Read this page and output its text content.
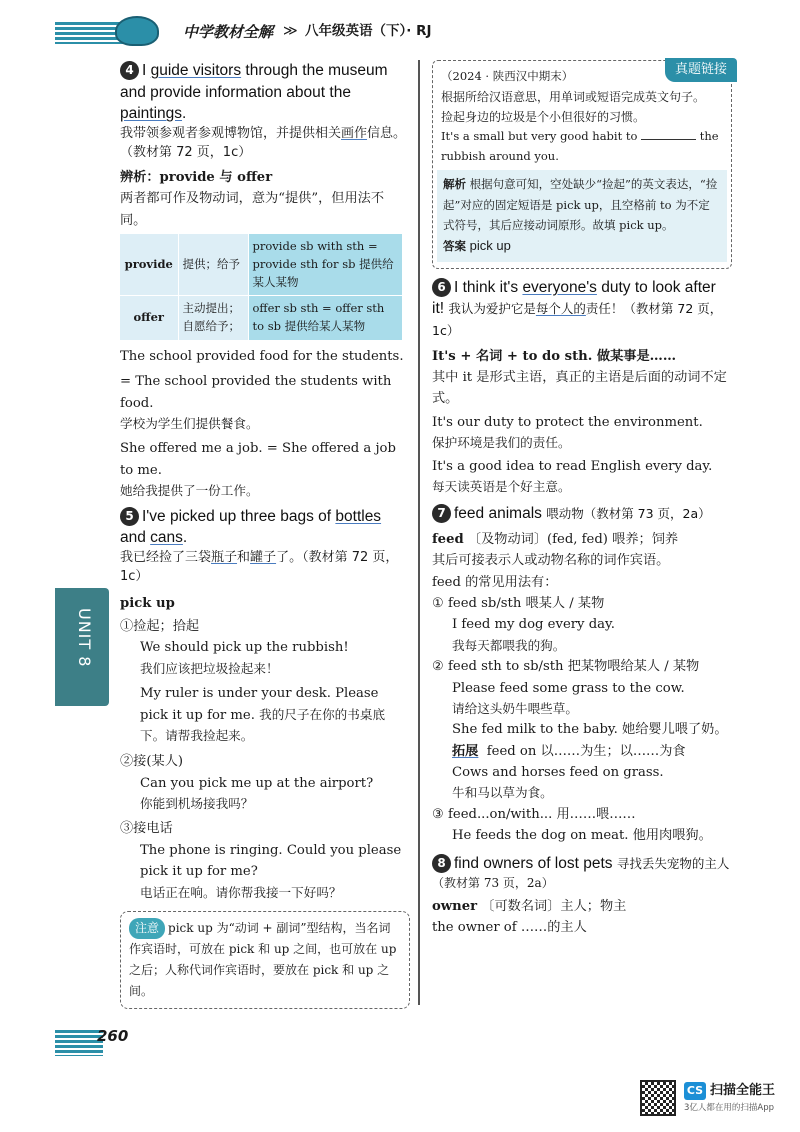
中学教材全解 ≫ 八年级英语（下）· RJ
UNIT 8

4 I guide visitors through the museum and provide information about the paintings.

我带领参观者参观博物馆，并提供相关画作信息。（教材第 72 页，1c）

辨析：provide 与 offer

两者都可作及物动词，意为“提供”，但用法不同。

provide	提供；给予	provide sb with sth = provide sth for sb 提供给某人某物
offer	主动提出；自愿给予；	offer sb sth = offer sth to sb 提供给某人某物

The school provided food for the students.

= The school provided the students with food.

学校为学生们提供餐食。

She offered me a job. = She offered a job to me.

她给我提供了一份工作。

5 I've picked up three bags of bottles and cans.

我已经捡了三袋瓶子和罐子了。（教材第 72 页，1c）

pick up

①捡起；拾起

We should pick up the rubbish!

我们应该把垃圾捡起来！

My ruler is under your desk. Please pick it up for me. 我的尺子在你的书桌底下。请帮我捡起来。

②接(某人)

Can you pick me up at the airport?

你能到机场接我吗？

③接电话

The phone is ringing. Could you please pick it up for me?

电话正在响。请你帮我接一下好吗？

注意 pick up 为“动词 + 副词”型结构，当名词作宾语时，可放在 pick 和 up 之间，也可放在 up 之后；人称代词作宾语时，要放在 pick 和 up 之间。
真题链接

（2024 · 陕西汉中期末）

根据所给汉语意思，用单词或短语完成英文句子。

捡起身边的垃圾是个小但很好的习惯。

It's a small but very good habit to	the rubbish around you.

解析 根据句意可知，空处缺少“捡起”的英文表达，“捡起”对应的固定短语是 pick up，且空格前 to 为不定式符号，其后应接动词原形。故填 pick up。

答案 pick up

6 I think it's everyone's duty to look after it! 我认为爱护它是每个人的责任！（教材第 72 页，1c）

It's + 名词 + to do sth. 做某事是……

其中 it 是形式主语，真正的主语是后面的动词不定式。

It's our duty to protect the environment.

保护环境是我们的责任。

It's a good idea to read English every day.

每天读英语是个好主意。

7 feed animals 喂动物（教材第 73 页，2a）

feed 〔及物动词〕(fed, fed) 喂养；饲养

其后可接表示人或动物名称的词作宾语。

feed 的常见用法有：

① feed sb/sth 喂某人 / 某物

I feed my dog every day.

我每天都喂我的狗。

② feed sth to sb/sth 把某物喂给某人 / 某物

Please feed some grass to the cow.

请给这头奶牛喂些草。

She fed milk to the baby. 她给婴儿喂了奶。

拓展 feed on 以……为生；以……为食

Cows and horses feed on grass.

牛和马以草为食。

③ feed...on/with... 用……喂……

He feeds the dog on meat. 他用肉喂狗。

8 find owners of lost pets 寻找丢失宠物的主人

（教材第 73 页，2a）

owner 〔可数名词〕主人；物主

the owner of ……的主人

260
CS 扫描全能王
3亿人都在用的扫描App
